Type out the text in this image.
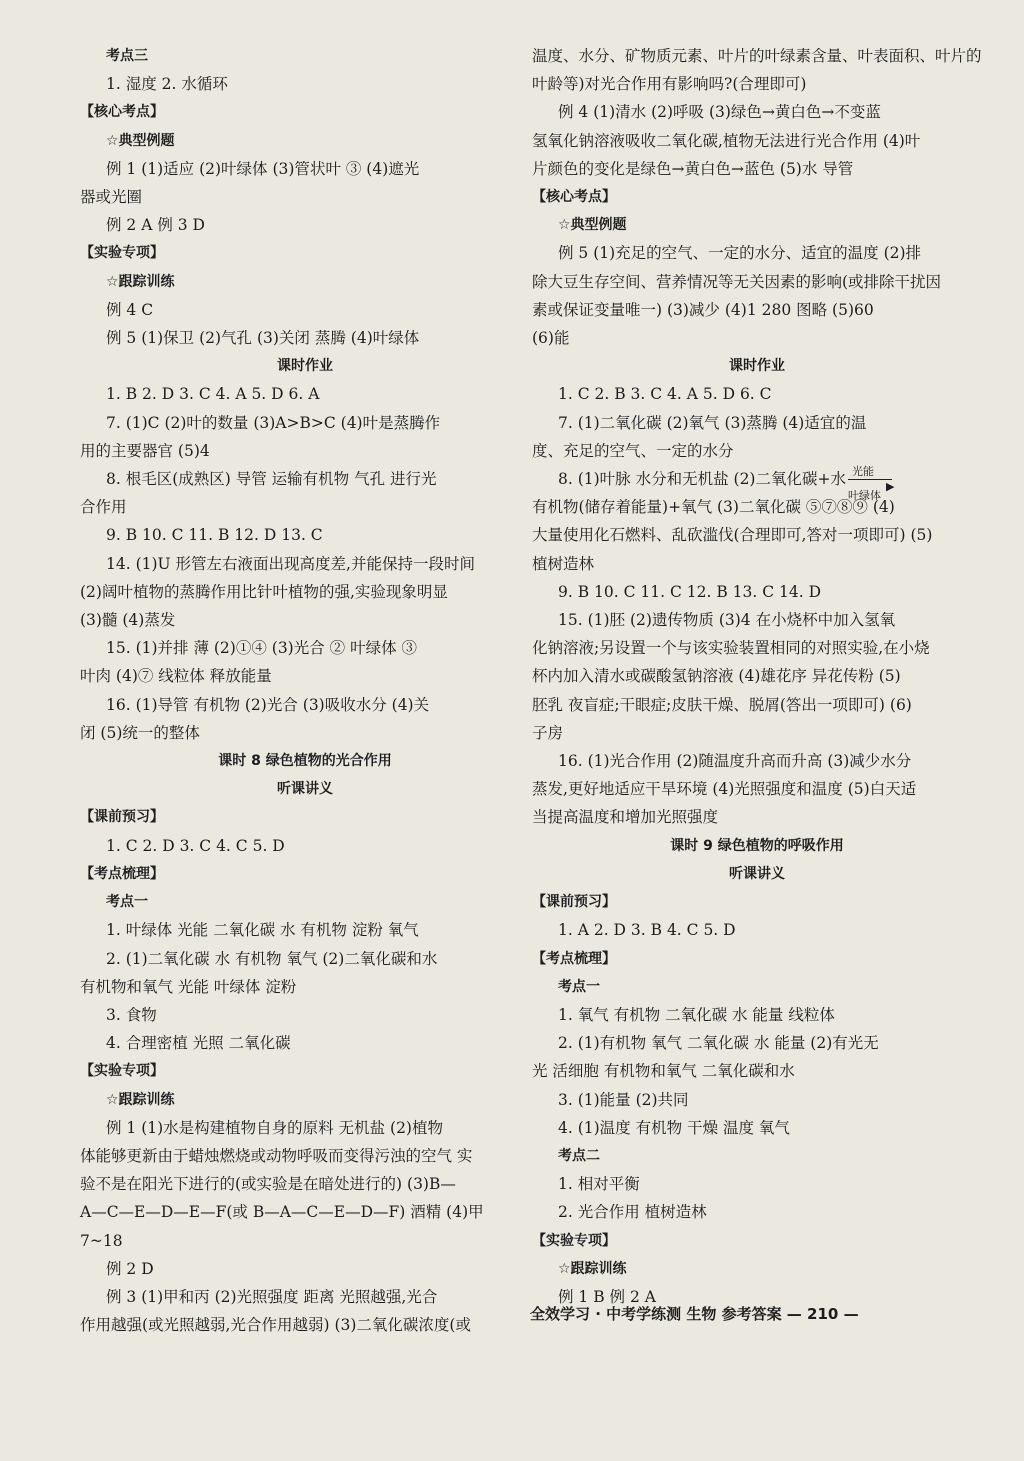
考点三
1. 湿度 2. 水循环
【核心考点】
☆典型例题
例 1 (1)适应 (2)叶绿体 (3)管状叶 ③ (4)遮光
器或光圈
例 2 A 例 3 D
【实验专项】
☆跟踪训练
例 4 C
例 5 (1)保卫 (2)气孔 (3)关闭 蒸腾 (4)叶绿体
课时作业
1. B 2. D 3. C 4. A 5. D 6. A
7. (1)C (2)叶的数量 (3)A>B>C (4)叶是蒸腾作
用的主要器官 (5)4
8. 根毛区(成熟区) 导管 运输有机物 气孔 进行光
合作用
9. B 10. C 11. B 12. D 13. C
14. (1)U 形管左右液面出现高度差,并能保持一段时间
(2)阔叶植物的蒸腾作用比针叶植物的强,实验现象明显
(3)髓 (4)蒸发
15. (1)并排 薄 (2)①④ (3)光合 ② 叶绿体 ③
叶肉 (4)⑦ 线粒体 释放能量
16. (1)导管 有机物 (2)光合 (3)吸收水分 (4)关
闭 (5)统一的整体
课时 8 绿色植物的光合作用
听课讲义
【课前预习】
1. C 2. D 3. C 4. C 5. D
【考点梳理】
考点一
1. 叶绿体 光能 二氧化碳 水 有机物 淀粉 氧气
2. (1)二氧化碳 水 有机物 氧气 (2)二氧化碳和水
有机物和氧气 光能 叶绿体 淀粉
3. 食物
4. 合理密植 光照 二氧化碳
【实验专项】
☆跟踪训练
例 1 (1)水是构建植物自身的原料 无机盐 (2)植物
体能够更新由于蜡烛燃烧或动物呼吸而变得污浊的空气 实
验不是在阳光下进行的(或实验是在暗处进行的) (3)B—
A—C—E—D—E—F(或 B—A—C—E—D—F) 酒精 (4)甲
7~18
例 2 D
例 3 (1)甲和丙 (2)光照强度 距离 光照越强,光合
作用越强(或光照越弱,光合作用越弱) (3)二氧化碳浓度(或
温度、水分、矿物质元素、叶片的叶绿素含量、叶表面积、叶片的
叶龄等)对光合作用有影响吗?(合理即可)
例 4 (1)清水 (2)呼吸 (3)绿色→黄白色→不变蓝
氢氧化钠溶液吸收二氧化碳,植物无法进行光合作用 (4)叶
片颜色的变化是绿色→黄白色→蓝色 (5)水 导管
【核心考点】
☆典型例题
例 5 (1)充足的空气、一定的水分、适宜的温度 (2)排
除大豆生存空间、营养情况等无关因素的影响(或排除干扰因
素或保证变量唯一) (3)减少 (4)1 280 图略 (5)60
(6)能
课时作业
1. C 2. B 3. C 4. A 5. D 6. C
7. (1)二氧化碳 (2)氧气 (3)蒸腾 (4)适宜的温
度、充足的空气、一定的水分
8. (1)叶脉 水分和无机盐 (2)二氧化碳+水 光能
▶
叶绿体
有机物(储存着能量)+氧气 (3)二氧化碳 ⑤⑦⑧⑨ (4)
大量使用化石燃料、乱砍滥伐(合理即可,答对一项即可) (5)
植树造林
9. B 10. C 11. C 12. B 13. C 14. D
15. (1)胚 (2)遗传物质 (3)4 在小烧杯中加入氢氧
化钠溶液;另设置一个与该实验装置相同的对照实验,在小烧
杯内加入清水或碳酸氢钠溶液 (4)雄花序 异花传粉 (5)
胚乳 夜盲症;干眼症;皮肤干燥、脱屑(答出一项即可) (6)
子房
16. (1)光合作用 (2)随温度升高而升高 (3)减少水分
蒸发,更好地适应干旱环境 (4)光照强度和温度 (5)白天适
当提高温度和增加光照强度
课时 9 绿色植物的呼吸作用
听课讲义
【课前预习】
1. A 2. D 3. B 4. C 5. D
【考点梳理】
考点一
1. 氧气 有机物 二氧化碳 水 能量 线粒体
2. (1)有机物 氧气 二氧化碳 水 能量 (2)有光无
光 活细胞 有机物和氧气 二氧化碳和水
3. (1)能量 (2)共同
4. (1)温度 有机物 干燥 温度 氧气
考点二
1. 相对平衡
2. 光合作用 植树造林
【实验专项】
☆跟踪训练
例 1 B 例 2 A
全效学习 · 中考学练测 生物 参考答案 — 210 —
